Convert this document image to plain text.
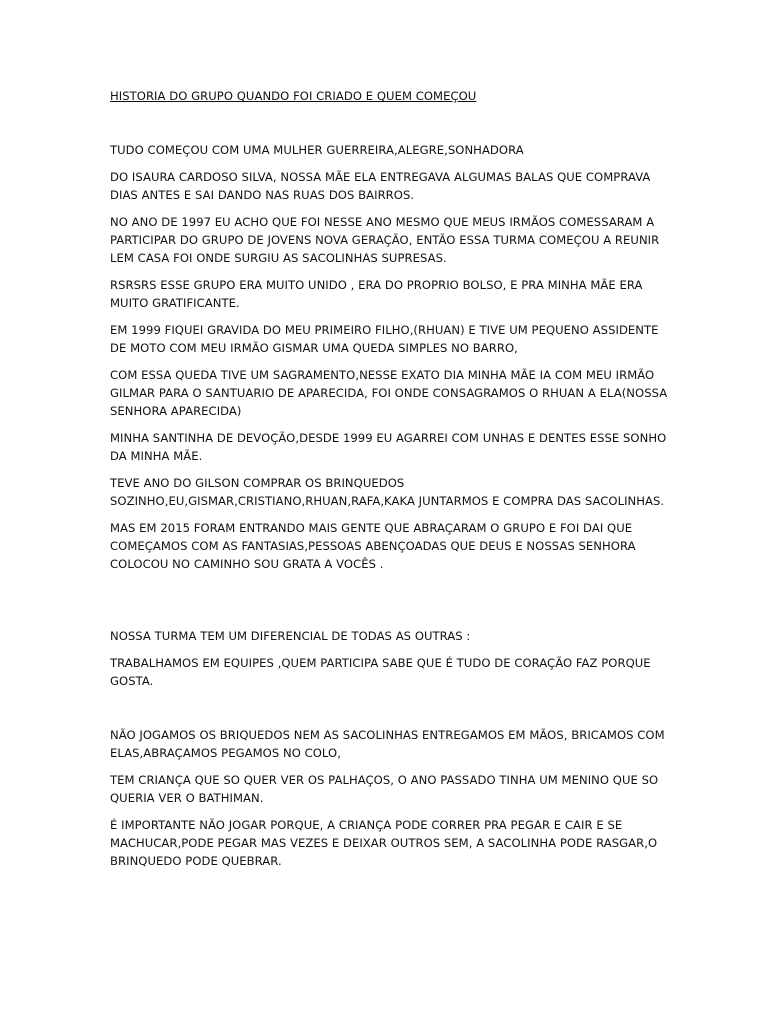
HISTORIA DO GRUPO QUANDO FOI CRIADO E QUEM COMEÇOU

TUDO COMEÇOU COM UMA MULHER GUERREIRA,ALEGRE,SONHADORA

DO ISAURA CARDOSO SILVA, NOSSA MÃE ELA ENTREGAVA ALGUMAS BALAS QUE COMPRAVA DIAS ANTES E SAI DANDO NAS RUAS DOS BAIRROS.

NO ANO DE 1997 EU ACHO QUE FOI NESSE ANO MESMO QUE MEUS IRMÃOS COMESSARAM A PARTICIPAR DO GRUPO DE JOVENS NOVA GERAÇÃO, ENTÃO ESSA TURMA COMEÇOU A REUNIR LEM CASA FOI ONDE SURGIU AS SACOLINHAS SUPRESAS.

RSRSRS ESSE GRUPO ERA MUITO UNIDO , ERA DO PROPRIO BOLSO, E PRA MINHA MÃE ERA MUITO GRATIFICANTE.

EM 1999 FIQUEI GRAVIDA DO MEU PRIMEIRO FILHO,(RHUAN) E TIVE UM PEQUENO ASSIDENTE DE MOTO COM MEU IRMÃO GISMAR UMA QUEDA SIMPLES NO BARRO,

COM ESSA QUEDA TIVE UM SAGRAMENTO,NESSE EXATO DIA MINHA MÃE IA COM MEU IRMÃO GILMAR PARA O SANTUARIO DE APARECIDA, FOI ONDE CONSAGRAMOS O RHUAN A ELA(NOSSA SENHORA APARECIDA)

MINHA SANTINHA DE DEVOÇÃO,DESDE 1999 EU AGARREI COM UNHAS E DENTES ESSE SONHO DA MINHA MÃE.

TEVE ANO DO GILSON COMPRAR OS BRINQUEDOS SOZINHO,EU,GISMAR,CRISTIANO,RHUAN,RAFA,KAKA JUNTARMOS E COMPRA DAS SACOLINHAS.

MAS EM 2015 FORAM ENTRANDO MAIS GENTE QUE ABRAÇARAM O GRUPO E FOI DAI QUE COMEÇAMOS COM AS FANTASIAS,PESSOAS ABENÇOADAS QUE DEUS E NOSSAS SENHORA COLOCOU NO CAMINHO SOU GRATA A VOCÊS .

NOSSA TURMA TEM UM DIFERENCIAL DE TODAS AS OUTRAS :

TRABALHAMOS EM EQUIPES ,QUEM PARTICIPA SABE QUE É TUDO DE CORAÇÃO FAZ PORQUE GOSTA.

NÃO JOGAMOS OS BRIQUEDOS NEM AS SACOLINHAS ENTREGAMOS EM MÃOS, BRICAMOS COM ELAS,ABRAÇAMOS PEGAMOS NO COLO,

TEM CRIANÇA QUE SO QUER VER OS PALHAÇOS, O ANO PASSADO TINHA UM MENINO QUE SO QUERIA VER O BATHIMAN.

É IMPORTANTE NÃO JOGAR PORQUE, A CRIANÇA PODE CORRER PRA PEGAR E CAIR E SE MACHUCAR,PODE PEGAR MAS VEZES E DEIXAR OUTROS SEM, A SACOLINHA PODE RASGAR,O BRINQUEDO PODE QUEBRAR.
